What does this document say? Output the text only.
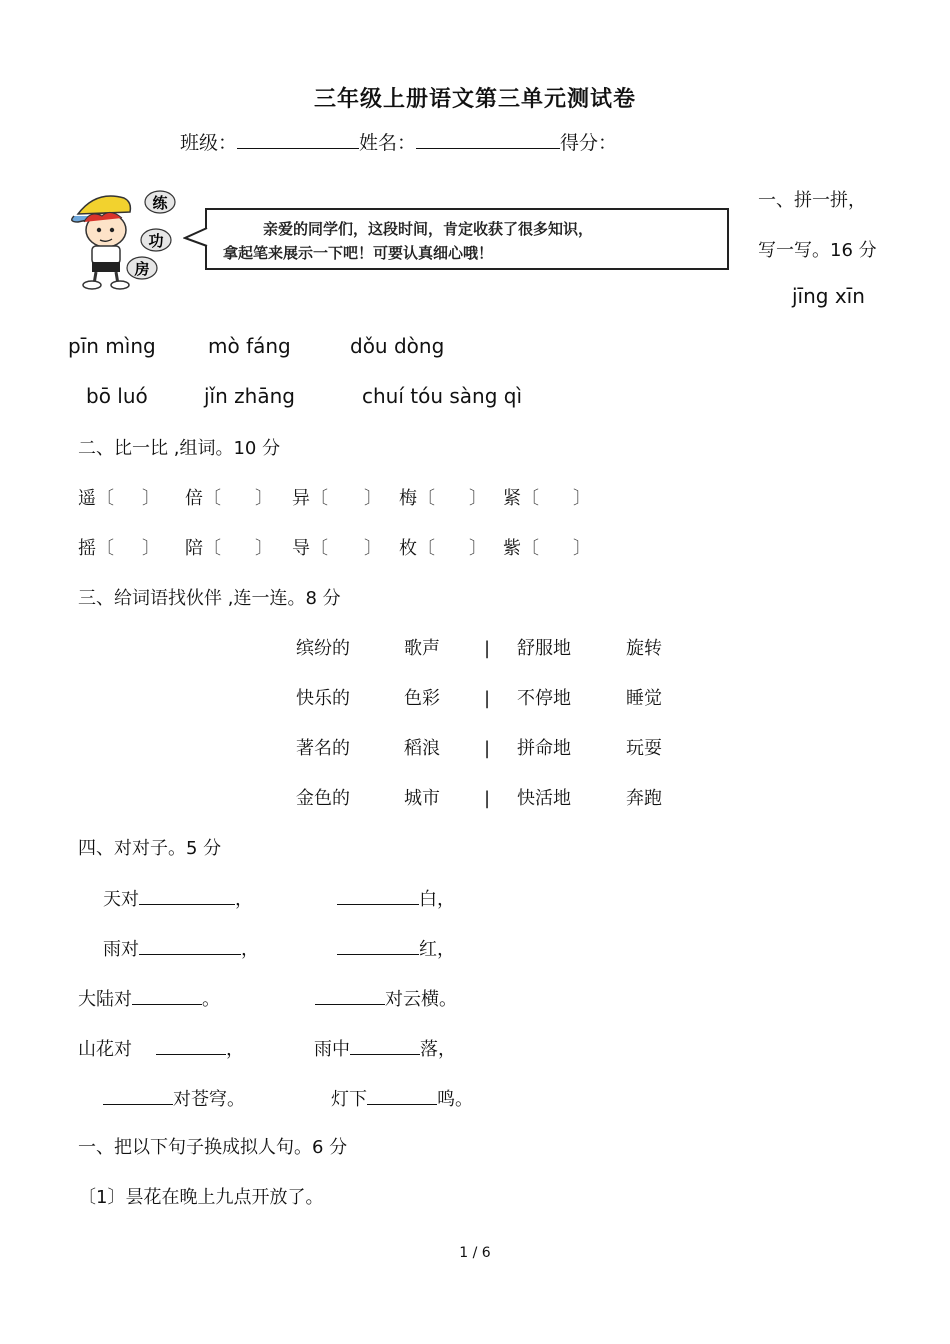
三年级上册语文第三单元测试卷
班级：	姓名：	得分：
练
功
房
亲爱的同学们，这段时间，肯定收获了很多知识，
拿起笔来展示一下吧！可要认真细心哦！
一、拼一拼，
写一写。16 分
jīng xīn
pīn mìng	mò fáng	dǒu dòng
bō luó	jǐn zhāng	chuí tóu sàng qì
二、比一比 ,组词。10 分
遥〔 〕 倍〔 〕 异〔 〕 梅〔 〕 紧〔 〕
摇〔 〕 陪〔 〕 导〔 〕 枚〔 〕 紫〔 〕
三、给词语找伙伴 ,连一连。8 分
缤纷的	歌声 | 舒服地	旋转
快乐的	色彩 | 不停地	睡觉
著名的	稻浪 | 拼命地	玩耍
金色的	城市 | 快活地	奔跑
四、对对子。5 分
天对	，	白，
雨对	，	红，
大陆对	。	对云横。
山花对	，	雨中	落，
对苍穹。	灯下	鸣。
一、把以下句子换成拟人句。6 分
〔1〕昙花在晚上九点开放了。
1 / 6
